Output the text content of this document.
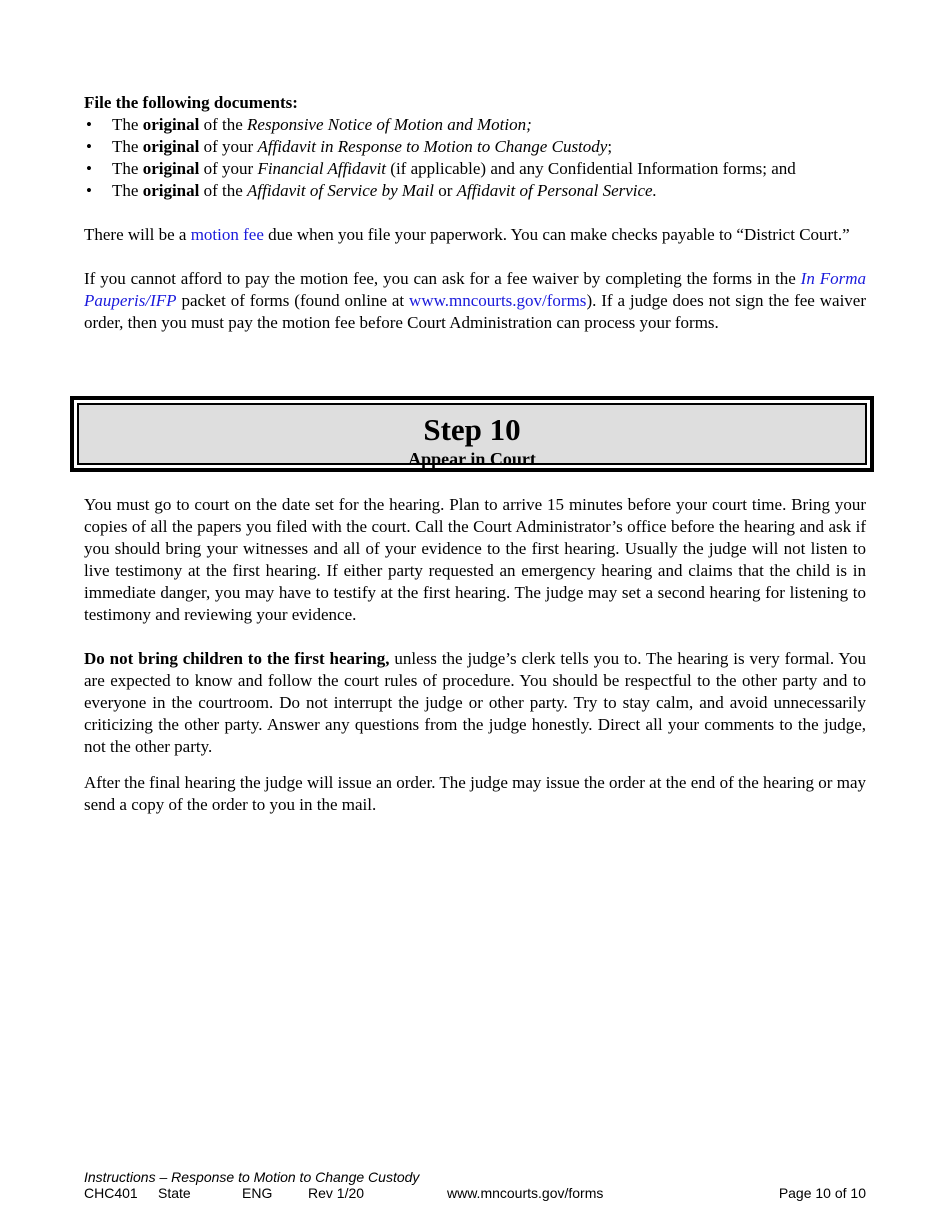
File the following documents:
• The original of the Responsive Notice of Motion and Motion;
• The original of your Affidavit in Response to Motion to Change Custody;
• The original of your Financial Affidavit (if applicable) and any Confidential Information forms; and
• The original of the Affidavit of Service by Mail or Affidavit of Personal Service.

There will be a motion fee due when you file your paperwork. You can make checks payable to “District Court.”

If you cannot afford to pay the motion fee, you can ask for a fee waiver by completing the forms in the In Forma Pauperis/IFP packet of forms (found online at www.mncourts.gov/forms). If a judge does not sign the fee waiver order, then you must pay the motion fee before Court Administration can process your forms.

Step 10
Appear in Court

You must go to court on the date set for the hearing. Plan to arrive 15 minutes before your court time. Bring your copies of all the papers you filed with the court. Call the Court Administrator’s office before the hearing and ask if you should bring your witnesses and all of your evidence to the first hearing. Usually the judge will not listen to live testimony at the first hearing. If either party requested an emergency hearing and claims that the child is in immediate danger, you may have to testify at the first hearing. The judge may set a second hearing for listening to testimony and reviewing your evidence.

Do not bring children to the first hearing, unless the judge’s clerk tells you to. The hearing is very formal. You are expected to know and follow the court rules of procedure. You should be respectful to the other party and to everyone in the courtroom. Do not interrupt the judge or other party. Try to stay calm, and avoid unnecessarily criticizing the other party. Answer any questions from the judge honestly. Direct all your comments to the judge, not the other party.

After the final hearing the judge will issue an order. The judge may issue the order at the end of the hearing or may send a copy of the order to you in the mail.

Instructions – Response to Motion to Change Custody
CHC401 State	ENG	Rev 1/20	www.mncourts.gov/forms	Page 10 of 10
